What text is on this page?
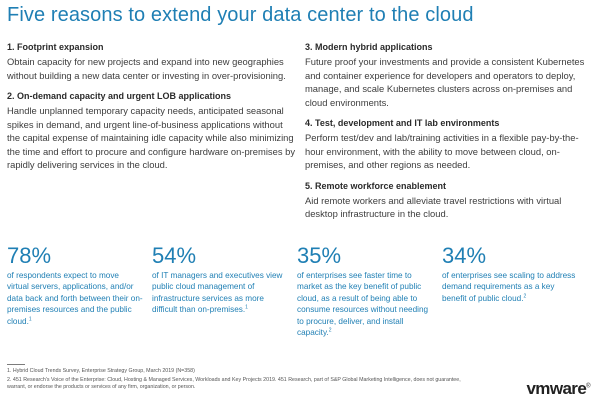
Five reasons to extend your data center to the cloud
1. Footprint expansion

Obtain capacity for new projects and expand into new geographies without building a new data center or investing in over-provisioning.

2. On-demand capacity and urgent LOB applications

Handle unplanned temporary capacity needs, anticipated seasonal spikes in demand, and urgent line-of-business applications without the capital expense of maintaining idle capacity while also minimizing the time and effort to procure and configure hardware on-premises by rapidly delivering services in the cloud.

3. Modern hybrid applications

Future proof your investments and provide a consistent Kubernetes and container experience for developers and operators to deploy, manage, and scale Kubernetes clusters across on-premises and cloud environments.

4. Test, development and IT lab environments

Perform test/dev and lab/training activities in a flexible pay-by-the-hour environment, with the ability to move between cloud, on-premises, and other regions as needed.

5. Remote workforce enablement

Aid remote workers and alleviate travel restrictions with virtual desktop infrastructure in the cloud.

78%
of respondents expect to move virtual servers, applications, and/or data back and forth between their on-premises resources and the public cloud.$^1$
54%
of IT managers and executives view public cloud management of infrastructure services as more difficult than on-premises.$^1$
35%
of enterprises see faster time to market as the key benefit of public cloud, as a result of being able to consume resources without needing to procure, deliver, and install capacity.$^2$
34%
of enterprises see scaling to address demand requirements as a key benefit of public cloud.$^2$

1. Hybrid Cloud Trends Survey, Enterprise Strategy Group, March 2019 (N=358)

2. 451 Research's Voice of the Enterprise: Cloud, Hosting & Managed Services, Workloads and Key Projects 2019. 451 Research, part of S&P Global Marketing Intelligence, does not guarantee, warrant, or endorse the products or services of any firm, organization, or person.	vmware®
